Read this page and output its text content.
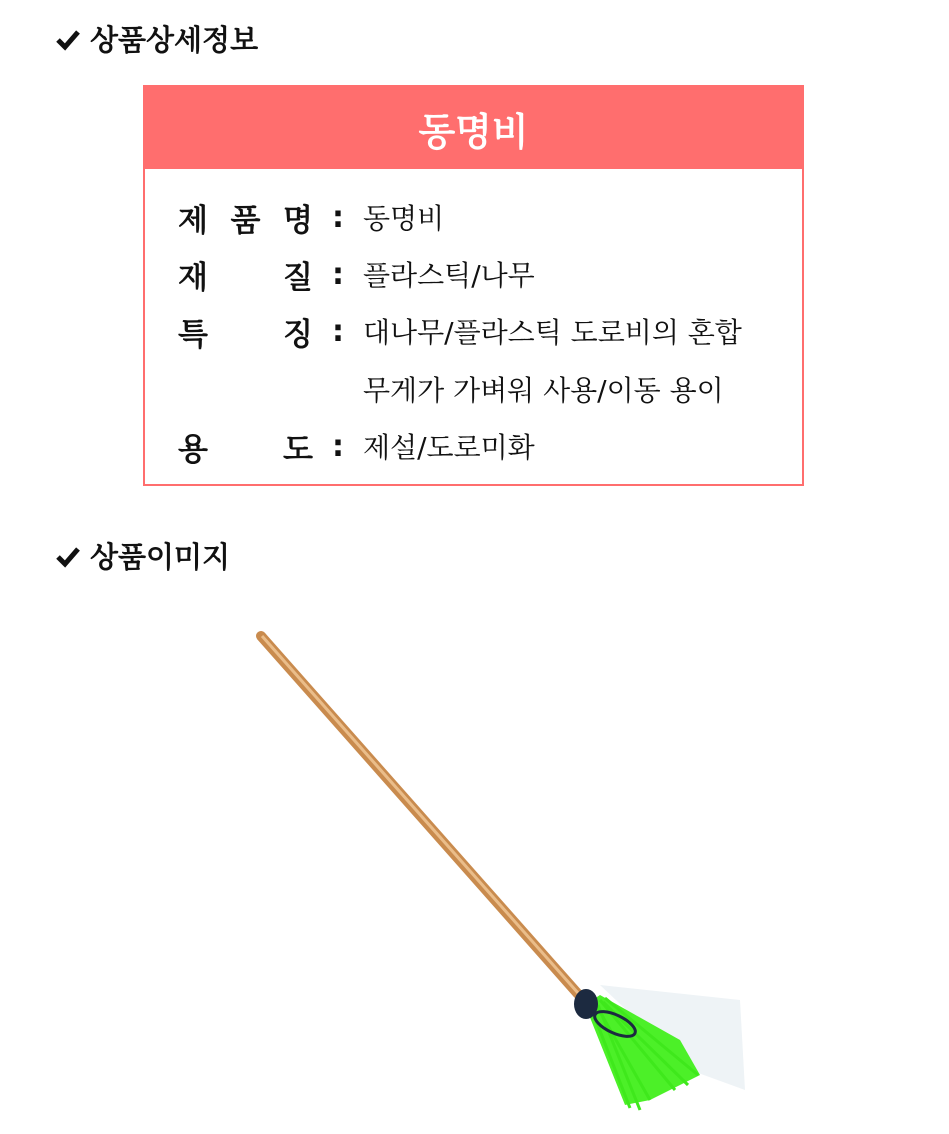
상품상세정보
동명비
제 품 명 : 동명비
재 질 : 플라스틱/나무
특 징 : 대나무/플라스틱 도로비의 혼합
무게가 가벼워 사용/이동 용이
용 도 : 제설/도로미화
상품이미지
